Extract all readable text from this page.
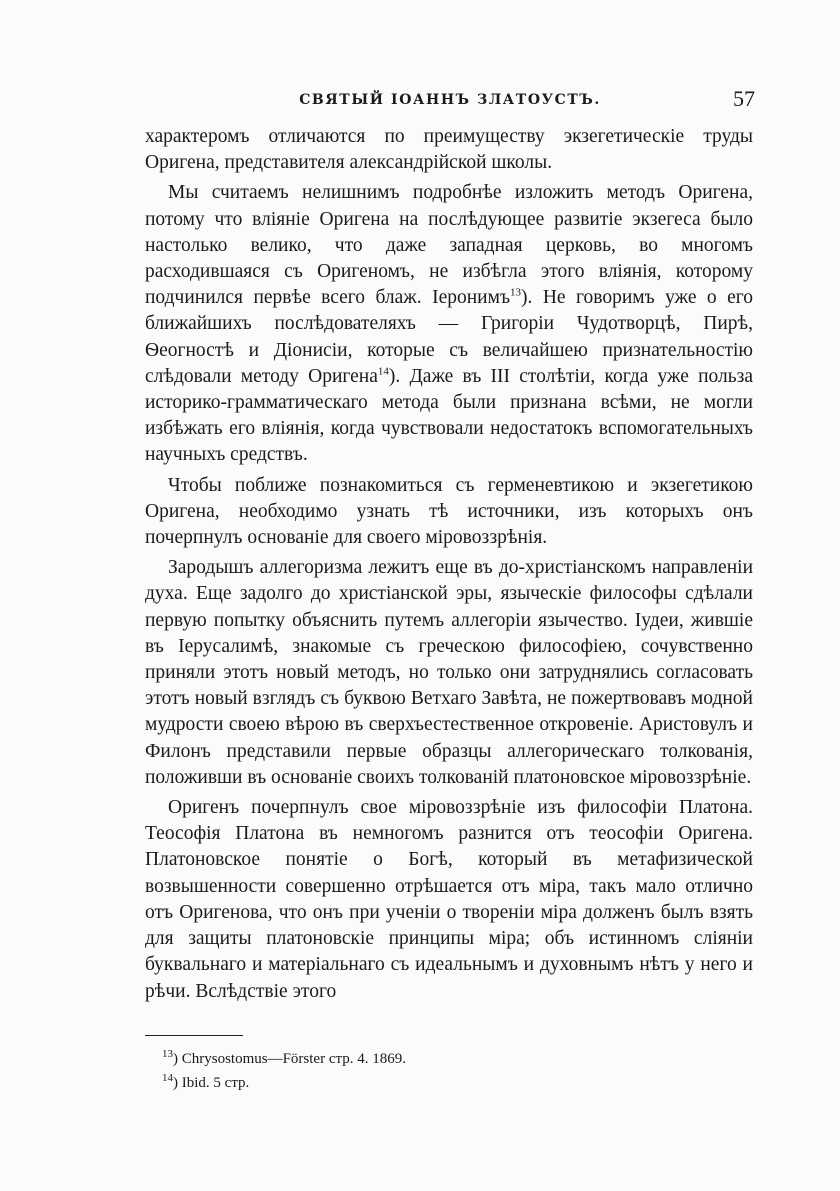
СВЯТЫЙ ІОАННЪ ЗЛАТОУСТЪ.	57

характеромъ отличаются по преимуществу экзегетическіе труды Оригена, представителя александрійской школы.

Мы считаемъ нелишнимъ подробнѣе изложить методъ Оригена, потому что вліяніе Оригена на послѣдующее развитіе экзегеса было настолько велико, что даже западная церковь, во многомъ расходившаяся съ Оригеномъ, не избѣгла этого вліянія, которому подчинился первѣе всего блаж. Іеронимъ$^{13}$). Не говоримъ уже о его ближайшихъ послѣдователяхъ — Григоріи Чудотворцѣ, Пирѣ, Ѳеогностѣ и Діонисіи, которые съ величайшею признательностію слѣдовали методу Оригена$^{14}$). Даже въ III столѣтіи, когда уже польза историко-грамматическаго метода были признана всѣми, не могли избѣжать его вліянія, когда чувствовали недостатокъ вспомогательныхъ научныхъ средствъ.

Чтобы поближе познакомиться съ герменевтикою и экзегетикою Оригена, необходимо узнать тѣ источники, изъ которыхъ онъ почерпнулъ основаніе для своего міровоззрѣнія.

Зародышъ аллегоризма лежитъ еще въ до-христіанскомъ направленіи духа. Еще задолго до христіанской эры, языческіе философы сдѣлали первую попытку объяснить путемъ аллегоріи язычество. Іудеи, жившіе въ Іерусалимѣ, знакомые съ греческою философіею, сочувственно приняли этотъ новый методъ, но только они затруднялись согласовать этотъ новый взглядъ съ буквою Ветхаго Завѣта, не пожертвовавъ модной мудрости своею вѣрою въ сверхъестественное откровеніе. Аристовулъ и Филонъ представили первые образцы аллегорическаго толкованія, положивши въ основаніе своихъ толкованій платоновское міровоззрѣніе.

Оригенъ почерпнулъ свое міровоззрѣніе изъ философіи Платона. Теософія Платона въ немногомъ разнится отъ теософіи Оригена. Платоновское понятіе о Богѣ, который въ метафизической возвышенности совершенно отрѣшается отъ міра, такъ мало отлично отъ Оригенова, что онъ при ученіи о твореніи міра долженъ былъ взять для защиты платоновскіе принципы міра; объ истинномъ сліяніи буквальнаго и матеріальнаго съ идеальнымъ и духовнымъ нѣтъ у него и рѣчи. Вслѣдствіе этого

$^{13}$) Chrysostomus—Förster стр. 4. 1869.

$^{14}$) Ibid. 5 стр.
